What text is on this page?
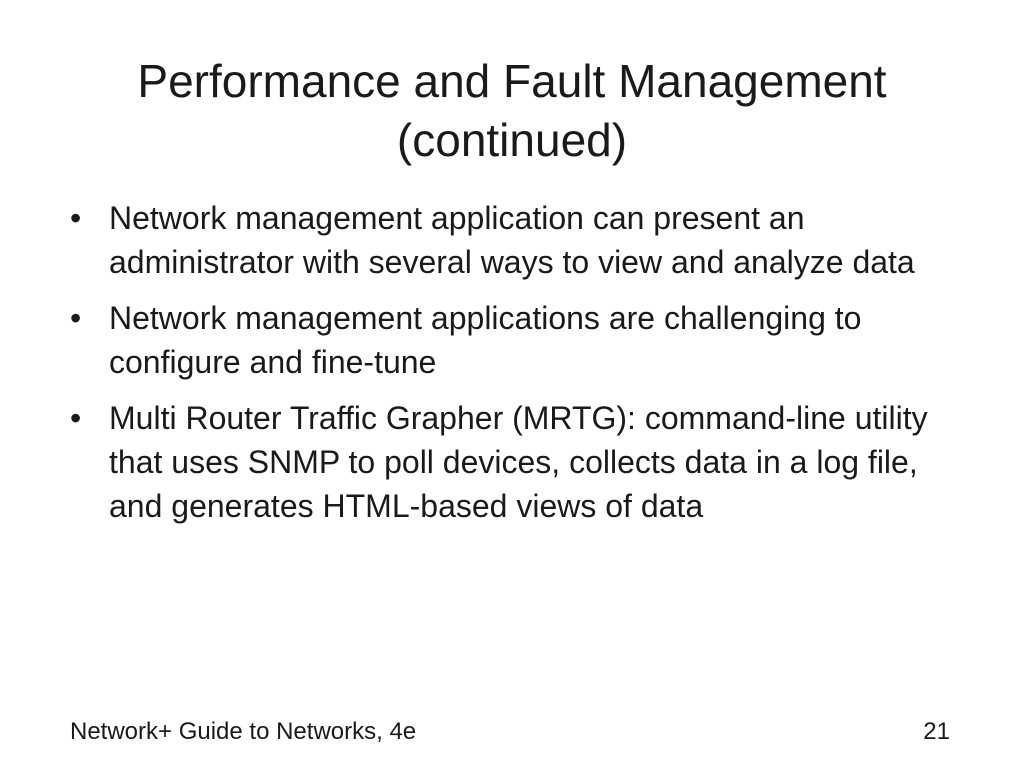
Performance and Fault Management
(continued)
• Network management application can present an administrator with several ways to view and analyze data
• Network management applications are challenging to configure and fine-tune
• Multi Router Traffic Grapher (MRTG): command-line utility that uses SNMP to poll devices, collects data in a log file, and generates HTML-based views of data
Network+ Guide to Networks, 4e	21
